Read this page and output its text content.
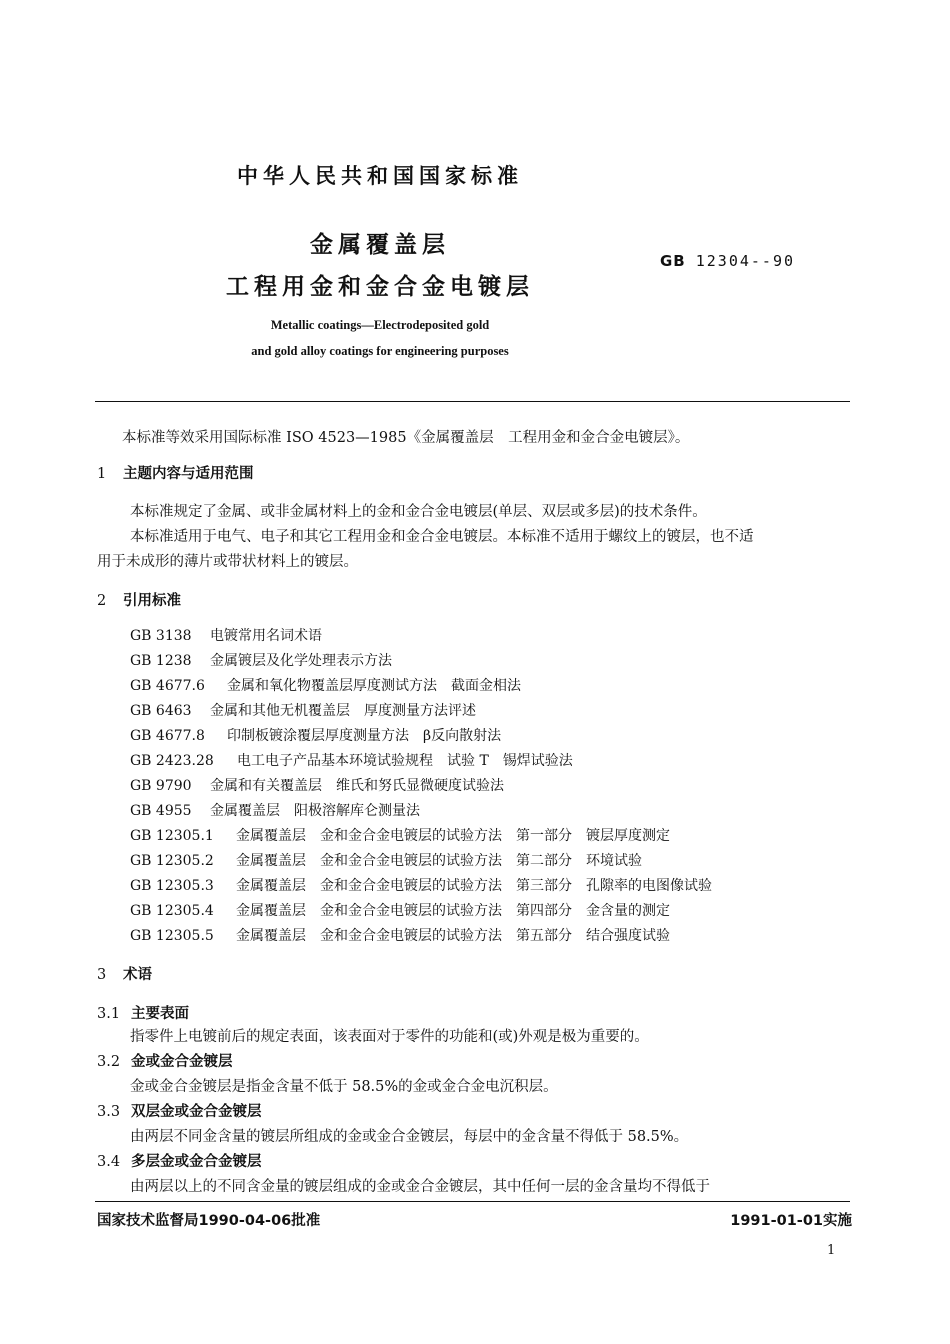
中华人民共和国国家标准
金属覆盖层
工程用金和金合金电镀层
GB 12304--90
Metallic coatings—Electrodeposited gold
and gold alloy coatings for engineering purposes
本标准等效采用国际标准 ISO 4523—1985《金属覆盖层　工程用金和金合金电镀层》。
1 主题内容与适用范围
本标准规定了金属、或非金属材料上的金和金合金电镀层(单层、双层或多层)的技术条件。
本标准适用于电气、电子和其它工程用金和金合金电镀层。本标准不适用于螺纹上的镀层，也不适
用于未成形的薄片或带状材料上的镀层。
2 引用标准
GB 3138 电镀常用名词术语
GB 1238 金属镀层及化学处理表示方法
GB 4677.6 金属和氧化物覆盖层厚度测试方法　截面金相法
GB 6463 金属和其他无机覆盖层　厚度测量方法评述
GB 4677.8 印制板镀涂覆层厚度测量方法　β反向散射法
GB 2423.28 电工电子产品基本环境试验规程　试验 T　锡焊试验法
GB 9790 金属和有关覆盖层　维氏和努氏显微硬度试验法
GB 4955 金属覆盖层　阳极溶解库仑测量法
GB 12305.1 金属覆盖层　金和金合金电镀层的试验方法　第一部分　镀层厚度测定
GB 12305.2 金属覆盖层　金和金合金电镀层的试验方法　第二部分　环境试验
GB 12305.3 金属覆盖层　金和金合金电镀层的试验方法　第三部分　孔隙率的电图像试验
GB 12305.4 金属覆盖层　金和金合金电镀层的试验方法　第四部分　金含量的测定
GB 12305.5 金属覆盖层　金和金合金电镀层的试验方法　第五部分　结合强度试验
3 术语
3.1 主要表面
指零件上电镀前后的规定表面，该表面对于零件的功能和(或)外观是极为重要的。
3.2 金或金合金镀层
金或金合金镀层是指金含量不低于 58.5%的金或金合金电沉积层。
3.3 双层金或金合金镀层
由两层不同金含量的镀层所组成的金或金合金镀层，每层中的金含量不得低于 58.5%。
3.4 多层金或金合金镀层
由两层以上的不同含金量的镀层组成的金或金合金镀层，其中任何一层的金含量均不得低于
国家技术监督局1990-04-06批准	1991-01-01实施
1
